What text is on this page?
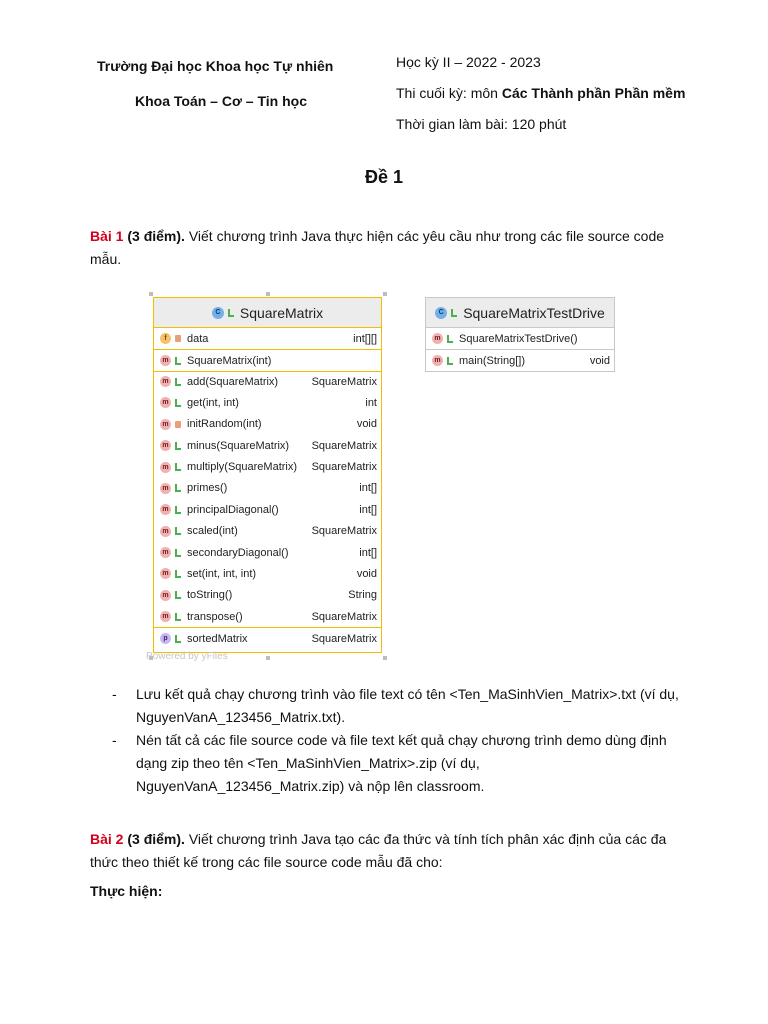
Trường Đại học Khoa học Tự nhiên
Khoa Toán – Cơ – Tin học
Học kỳ II – 2022 - 2023
Thi cuối kỳ: môn Các Thành phần Phần mềm
Thời gian làm bài: 120 phút
Đề 1
Bài 1 (3 điểm). Viết chương trình Java thực hiện các yêu cầu như trong các file source code
mẫu.
C SquareMatrix
f	data	int[][]
m SquareMatrix(int)
m add(SquareMatrix)	SquareMatrix
m get(int, int)	int
m initRandom(int)	void
m minus(SquareMatrix)	SquareMatrix
m multiply(SquareMatrix)	SquareMatrix
m primes()	int[]
m principalDiagonal()	int[]
m scaled(int)	SquareMatrix
m secondaryDiagonal()	int[]
m set(int, int, int)	void
m toString()	String
m transpose()	SquareMatrix
p	sortedMatrix	SquareMatrix
C SquareMatrixTestDrive
m SquareMatrixTestDrive()
m main(String[])	void
Powered by yFiles
- Lưu kết quả chạy chương trình vào file text có tên <Ten_MaSinhVien_Matrix>.txt (ví dụ,
NguyenVanA_123456_Matrix.txt).
- Nén tất cả các file source code và file text kết quả chạy chương trình demo dùng định
dạng zip theo tên <Ten_MaSinhVien_Matrix>.zip (ví dụ,
NguyenVanA_123456_Matrix.zip) và nộp lên classroom.
Bài 2 (3 điểm). Viết chương trình Java tạo các đa thức và tính tích phân xác định của các đa
thức theo thiết kế trong các file source code mẫu đã cho:
Thực hiện:
